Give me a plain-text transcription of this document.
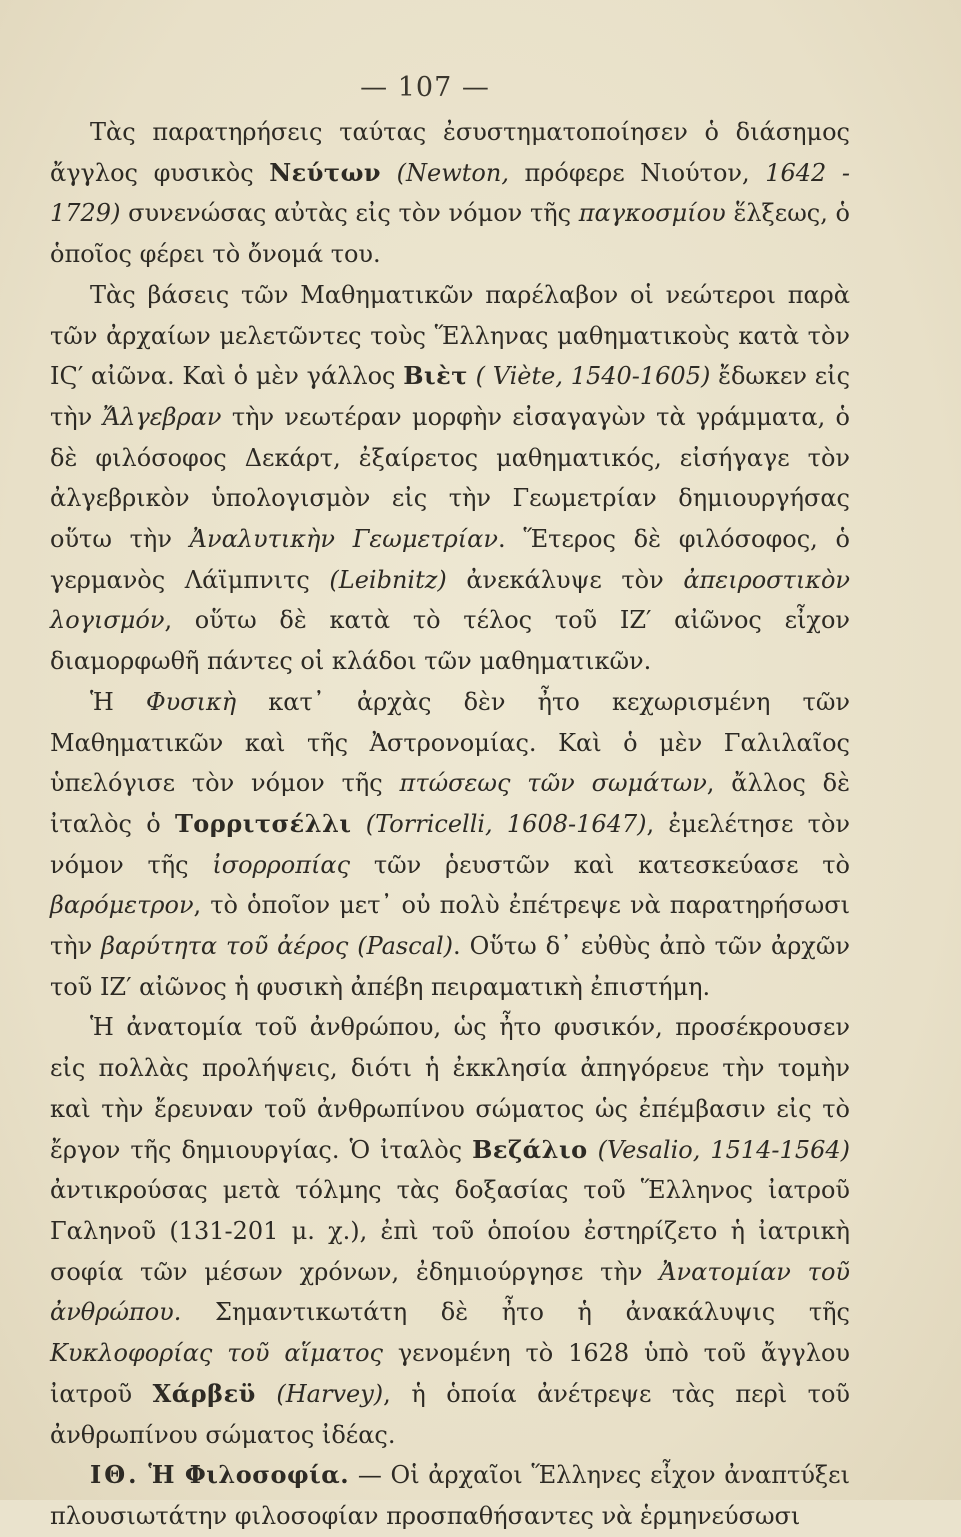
— 107 —

Τὰς παρατηρήσεις ταύτας ἐσυστηματοποίησεν ὁ διάσημος ἄγγλος φυσικὸς Νεύτων (Newton, πρόφερε Νιούτον, 1642 - 1729) συνενώσας αὐτὰς εἰς τὸν νόμον τῆς παγκοσμίου ἕλξεως, ὁ ὁποῖος φέρει τὸ ὄνομά του.

Τὰς βάσεις τῶν Μαθηματικῶν παρέλαβον οἱ νεώτεροι παρὰ τῶν ἀρχαίων μελετῶντες τοὺς Ἕλληνας μαθηματικοὺς κατὰ τὸν ΙϚ′ αἰῶνα. Καὶ ὁ μὲν γάλλος Βιὲτ ( Viète, 1540-1605) ἔδωκεν εἰς τὴν Ἄλγεβραν τὴν νεωτέραν μορφὴν εἰσαγαγὼν τὰ γράμματα, ὁ δὲ φιλόσοφος Δεκάρτ, ἐξαίρετος μαθηματικός, εἰσήγαγε τὸν ἀλγεβρικὸν ὑπολογισμὸν εἰς τὴν Γεωμετρίαν δημιουργήσας οὕτω τὴν Ἀναλυτικὴν Γεωμετρίαν. Ἕτερος δὲ φιλόσοφος, ὁ γερμανὸς Λάϊμπνιτς (Leibnitz) ἀνεκάλυψε τὸν ἀπειροστικὸν λογισμόν, οὕτω δὲ κατὰ τὸ τέλος τοῦ ΙΖ′ αἰῶνος εἶχον διαμορφωθῆ πάντες οἱ κλάδοι τῶν μαθηματικῶν.

Ἡ Φυσικὴ κατ᾽ ἀρχὰς δὲν ἦτο κεχωρισμένη τῶν Μαθηματικῶν καὶ τῆς Ἀστρονομίας. Καὶ ὁ μὲν Γαλιλαῖος ὑπελόγισε τὸν νόμον τῆς πτώσεως τῶν σωμάτων, ἄλλος δὲ ἰταλὸς ὁ Τορριτσέλλι (Torricelli, 1608-1647), ἐμελέτησε τὸν νόμον τῆς ἰσορροπίας τῶν ῥευστῶν καὶ κατεσκεύασε τὸ βαρόμετρον, τὸ ὁποῖον μετ᾽ οὐ πολὺ ἐπέτρεψε νὰ παρατηρήσωσι τὴν βαρύτητα τοῦ ἀέρος (Pascal). Οὕτω δ᾽ εὐθὺς ἀπὸ τῶν ἀρχῶν τοῦ ΙΖ′ αἰῶνος ἡ φυσικὴ ἀπέβη πειραματικὴ ἐπιστήμη.

Ἡ ἀνατομία τοῦ ἀνθρώπου, ὡς ἦτο φυσικόν, προσέκρουσεν εἰς πολλὰς προλήψεις, διότι ἡ ἐκκλησία ἀπηγόρευε τὴν τομὴν καὶ τὴν ἔρευναν τοῦ ἀνθρωπίνου σώματος ὡς ἐπέμβασιν εἰς τὸ ἔργον τῆς δημιουργίας. Ὁ ἰταλὸς Βεζάλιο (Vesalio, 1514-1564) ἀντικρούσας μετὰ τόλμης τὰς δοξασίας τοῦ Ἕλληνος ἰατροῦ Γαληνοῦ (131-201 μ. χ.), ἐπὶ τοῦ ὁποίου ἐστηρίζετο ἡ ἰατρικὴ σοφία τῶν μέσων χρόνων, ἐδημιούργησε τὴν Ἀνατομίαν τοῦ ἀνθρώπου. Σημαντικωτάτη δὲ ἦτο ἡ ἀνακάλυψις τῆς Κυκλοφορίας τοῦ αἵματος γενομένη τὸ 1628 ὑπὸ τοῦ ἄγγλου ἰατροῦ Χάρβεϋ (Harvey), ἡ ὁποία ἀνέτρεψε τὰς περὶ τοῦ ἀνθρωπίνου σώματος ἰδέας.

ΙΘ. Ἡ Φιλοσοφία. — Οἱ ἀρχαῖοι Ἕλληνες εἶχον ἀναπτύξει πλουσιωτάτην φιλοσοφίαν προσπαθήσαντες νὰ ἑρμηνεύσωσι
